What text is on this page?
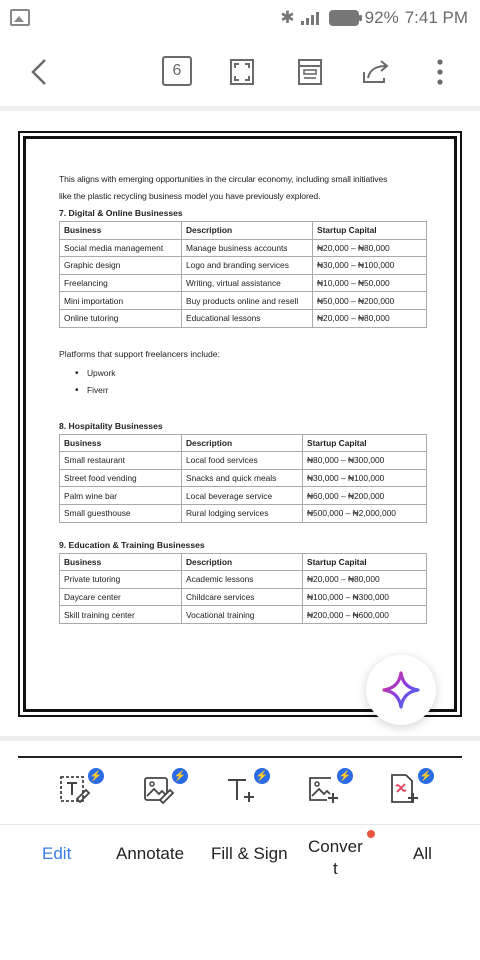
✱	92% 7:41 PM
6
This aligns with emerging opportunities in the circular economy, including small initiatives
like the plastic recycling business model you have previously explored.
7. Digital & Online Businesses
Business	Description	Startup Capital
Social media management	Manage business accounts	₦20,000 – ₦80,000
Graphic design	Logo and branding services	₦30,000 – ₦100,000
Freelancing	Writing, virtual assistance	₦10,000 – ₦50,000
Mini importation	Buy products online and resell	₦50,000 – ₦200,000
Online tutoring	Educational lessons	₦20,000 – ₦80,000
Platforms that support freelancers include:
• Upwork
• Fiverr
8. Hospitality Businesses
Business	Description	Startup Capital
Small restaurant	Local food services	₦80,000 – ₦300,000
Street food vending	Snacks and quick meals	₦30,000 – ₦100,000
Palm wine bar	Local beverage service	₦60,000 – ₦200,000
Small guesthouse	Rural lodging services	₦500,000 – ₦2,000,000
9. Education & Training Businesses
Business	Description	Startup Capital
Private tutoring	Academic lessons	₦20,000 – ₦80,000
Daycare center	Childcare services	₦100,000 – ₦300,000
Skill training center	Vocational training	₦200,000 – ₦600,000
⚡	⚡	⚡	⚡	⚡
Edit	Annotate Fill & Sign Conver
t
All
